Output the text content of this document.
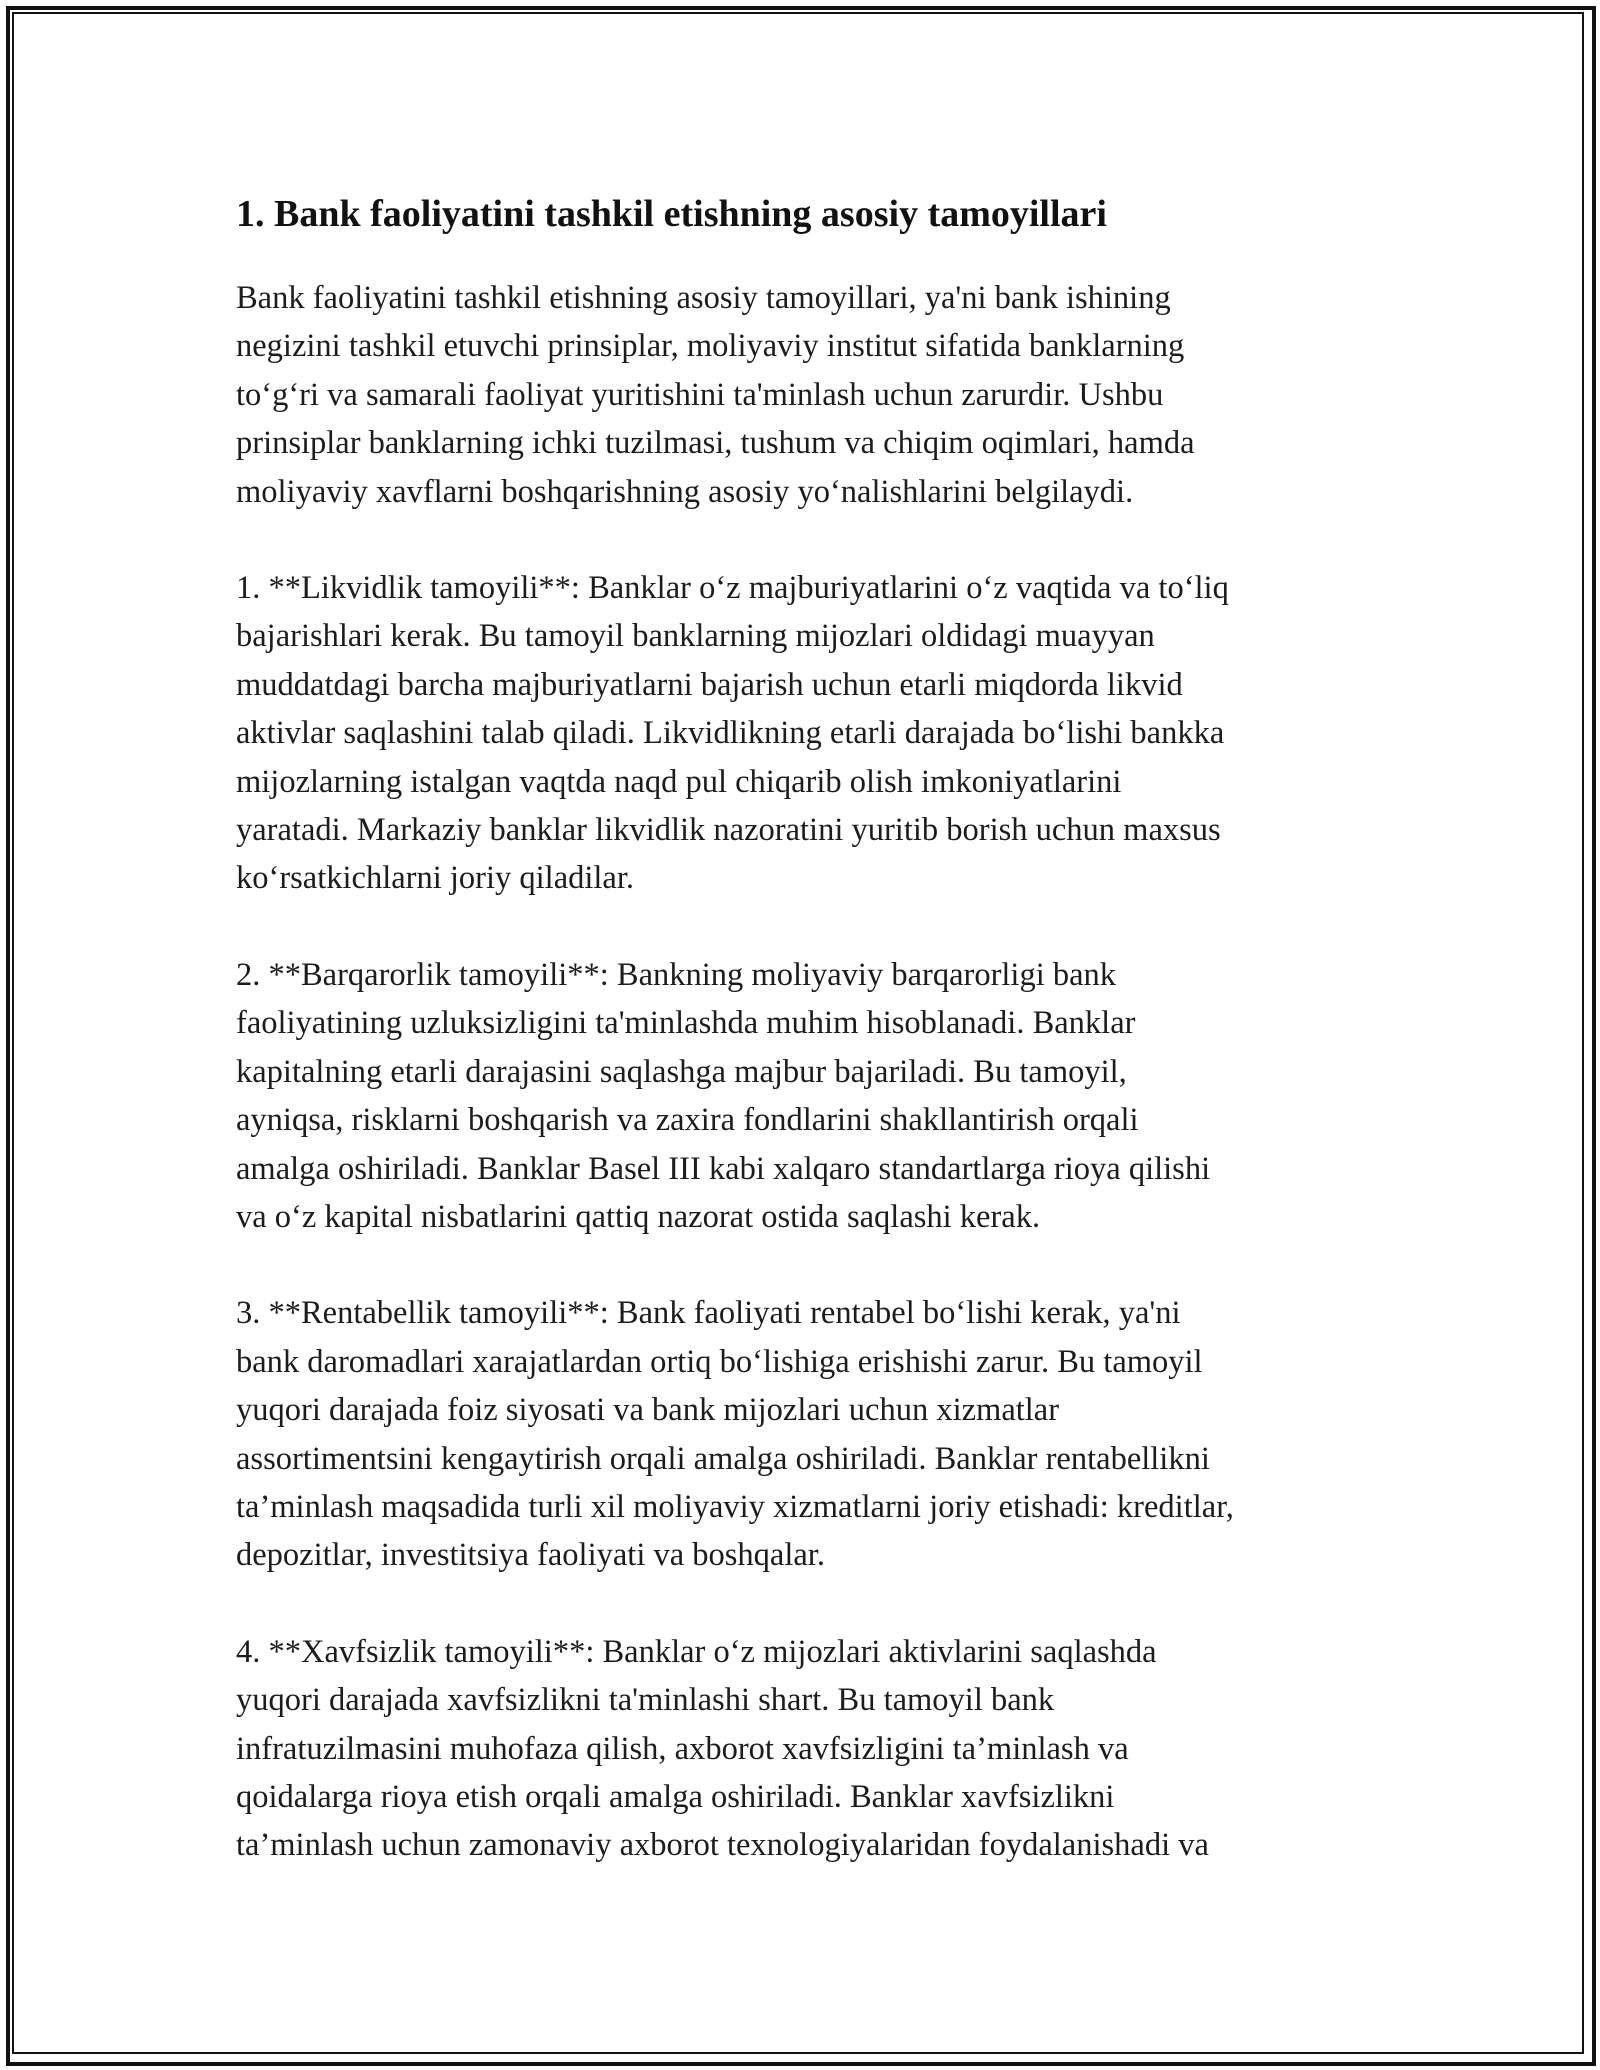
1. Bank faoliyatini tashkil etishning asosiy tamoyillari

Bank faoliyatini tashkil etishning asosiy tamoyillari, ya'ni bank ishining
negizini tashkil etuvchi prinsiplar, moliyaviy institut sifatida banklarning
to‘g‘ri va samarali faoliyat yuritishini ta'minlash uchun zarurdir. Ushbu
prinsiplar banklarning ichki tuzilmasi, tushum va chiqim oqimlari, hamda
moliyaviy xavflarni boshqarishning asosiy yo‘nalishlarini belgilaydi.

1. **Likvidlik tamoyili**: Banklar o‘z majburiyatlarini o‘z vaqtida va to‘liq
bajarishlari kerak. Bu tamoyil banklarning mijozlari oldidagi muayyan
muddatdagi barcha majburiyatlarni bajarish uchun etarli miqdorda likvid
aktivlar saqlashini talab qiladi. Likvidlikning etarli darajada bo‘lishi bankka
mijozlarning istalgan vaqtda naqd pul chiqarib olish imkoniyatlarini
yaratadi. Markaziy banklar likvidlik nazoratini yuritib borish uchun maxsus
ko‘rsatkichlarni joriy qiladilar.

2. **Barqarorlik tamoyili**: Bankning moliyaviy barqarorligi bank
faoliyatining uzluksizligini ta'minlashda muhim hisoblanadi. Banklar
kapitalning etarli darajasini saqlashga majbur bajariladi. Bu tamoyil,
ayniqsa, risklarni boshqarish va zaxira fondlarini shakllantirish orqali
amalga oshiriladi. Banklar Basel III kabi xalqaro standartlarga rioya qilishi
va o‘z kapital nisbatlarini qattiq nazorat ostida saqlashi kerak.

3. **Rentabellik tamoyili**: Bank faoliyati rentabel bo‘lishi kerak, ya'ni
bank daromadlari xarajatlardan ortiq bo‘lishiga erishishi zarur. Bu tamoyil
yuqori darajada foiz siyosati va bank mijozlari uchun xizmatlar
assortimentsini kengaytirish orqali amalga oshiriladi. Banklar rentabellikni
ta’minlash maqsadida turli xil moliyaviy xizmatlarni joriy etishadi: kreditlar,
depozitlar, investitsiya faoliyati va boshqalar.

4. **Xavfsizlik tamoyili**: Banklar o‘z mijozlari aktivlarini saqlashda
yuqori darajada xavfsizlikni ta'minlashi shart. Bu tamoyil bank
infratuzilmasini muhofaza qilish, axborot xavfsizligini ta’minlash va
qoidalarga rioya etish orqali amalga oshiriladi. Banklar xavfsizlikni
ta’minlash uchun zamonaviy axborot texnologiyalaridan foydalanishadi va
